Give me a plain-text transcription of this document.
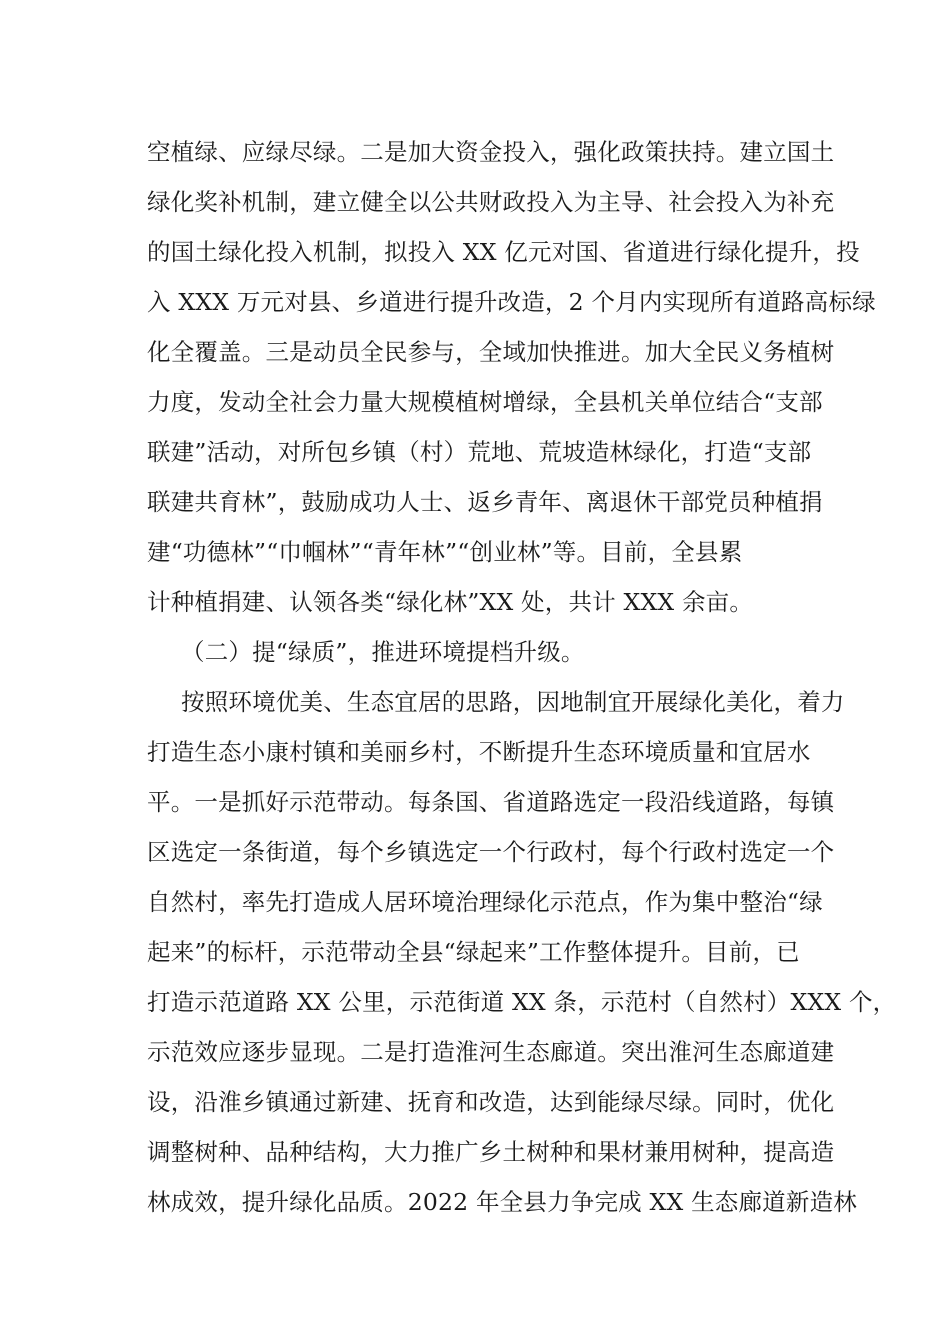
空植绿、应绿尽绿。二是加大资金投入，强化政策扶持。建立国土
绿化奖补机制，建立健全以公共财政投入为主导、社会投入为补充
的国土绿化投入机制，拟投入 XX 亿元对国、省道进行绿化提升，投
入 XXX 万元对县、乡道进行提升改造，2 个月内实现所有道路高标绿
化全覆盖。三是动员全民参与，全域加快推进。加大全民义务植树
力度，发动全社会力量大规模植树增绿，全县机关单位结合“支部
联建”活动，对所包乡镇（村）荒地、荒坡造林绿化，打造“支部
联建共育林”，鼓励成功人士、返乡青年、离退休干部党员种植捐
建“功德林”“巾帼林”“青年林”“创业林”等。目前，全县累
计种植捐建、认领各类“绿化林”XX 处，共计 XXX 余亩。
（二）提“绿质”，推进环境提档升级。
按照环境优美、生态宜居的思路，因地制宜开展绿化美化，着力
打造生态小康村镇和美丽乡村，不断提升生态环境质量和宜居水
平。一是抓好示范带动。每条国、省道路选定一段沿线道路，每镇
区选定一条街道，每个乡镇选定一个行政村，每个行政村选定一个
自然村，率先打造成人居环境治理绿化示范点，作为集中整治“绿
起来”的标杆，示范带动全县“绿起来”工作整体提升。目前，已
打造示范道路 XX 公里，示范街道 XX 条，示范村（自然村）XXX 个，
示范效应逐步显现。二是打造淮河生态廊道。突出淮河生态廊道建
设，沿淮乡镇通过新建、抚育和改造，达到能绿尽绿。同时，优化
调整树种、品种结构，大力推广乡土树种和果材兼用树种，提高造
林成效，提升绿化品质。2022 年全县力争完成 XX 生态廊道新造林
